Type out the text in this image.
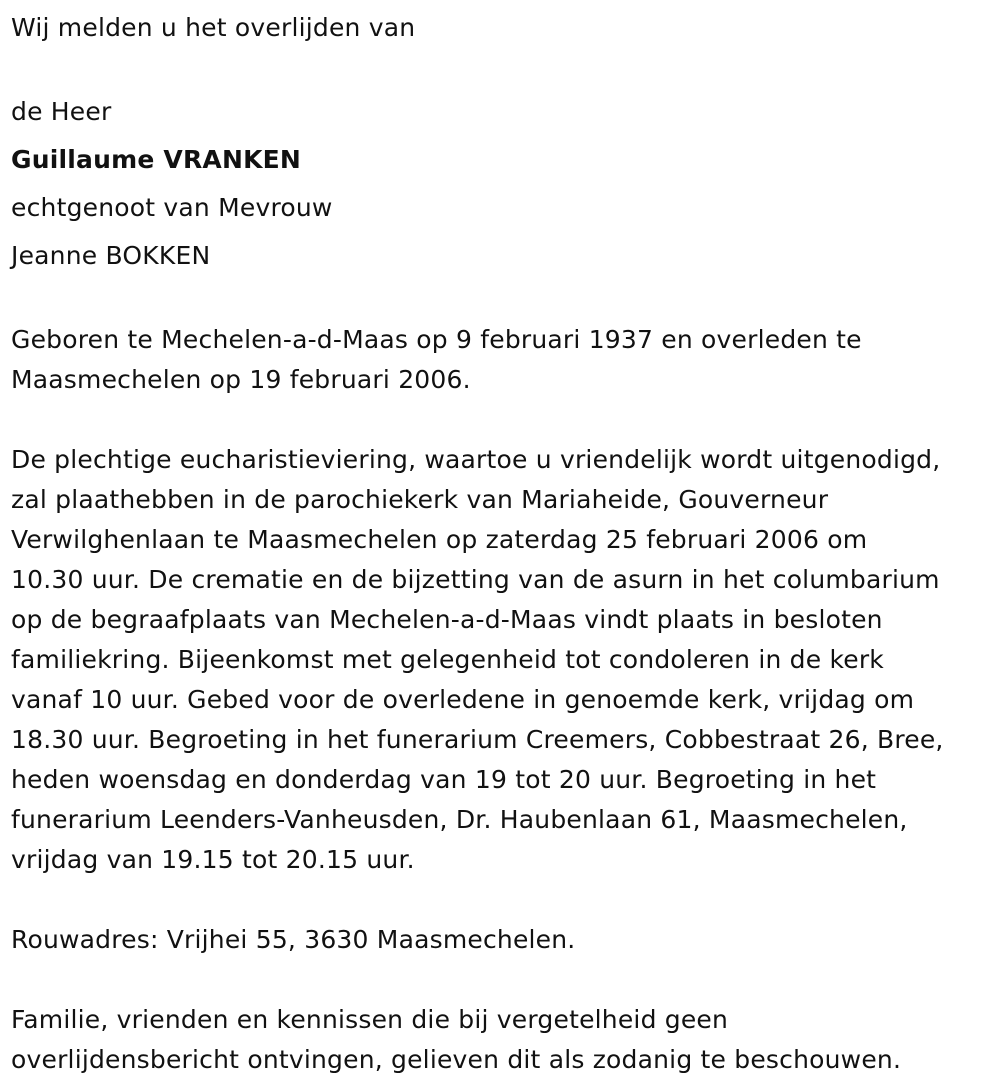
Wij melden u het overlijden van
de Heer
Guillaume VRANKEN
echtgenoot van Mevrouw
Jeanne BOKKEN
Geboren te Mechelen-a-d-Maas op 9 februari 1937 en overleden te
Maasmechelen op 19 februari 2006.
De plechtige eucharistieviering, waartoe u vriendelijk wordt uitgenodigd,
zal plaathebben in de parochiekerk van Mariaheide, Gouverneur
Verwilghenlaan te Maasmechelen op zaterdag 25 februari 2006 om
10.30 uur. De crematie en de bijzetting van de asurn in het columbarium
op de begraafplaats van Mechelen-a-d-Maas vindt plaats in besloten
familiekring. Bijeenkomst met gelegenheid tot condoleren in de kerk
vanaf 10 uur. Gebed voor de overledene in genoemde kerk, vrijdag om
18.30 uur. Begroeting in het funerarium Creemers, Cobbestraat 26, Bree,
heden woensdag en donderdag van 19 tot 20 uur. Begroeting in het
funerarium Leenders-Vanheusden, Dr. Haubenlaan 61, Maasmechelen,
vrijdag van 19.15 tot 20.15 uur.
Rouwadres: Vrijhei 55, 3630 Maasmechelen.
Familie, vrienden en kennissen die bij vergetelheid geen
overlijdensbericht ontvingen, gelieven dit als zodanig te beschouwen.
